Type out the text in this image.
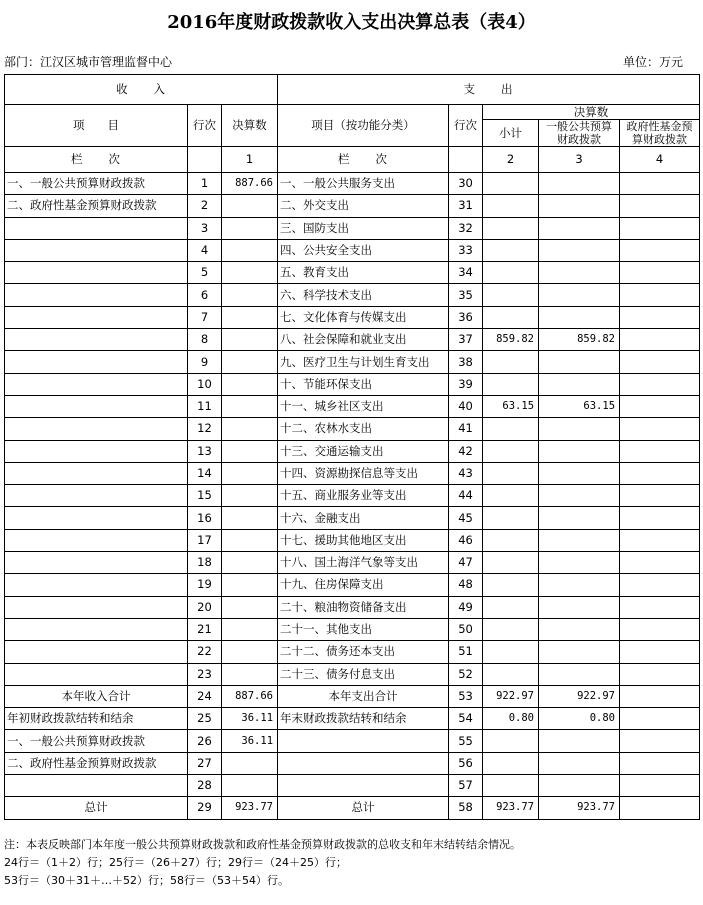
2016年度财政拨款收入支出决算总表（表4）
部门：江汉区城市管理监督中心	单位：万元
收　　入			支　　出				
项　　目	行次	决算数	项目（按功能分类）	行次	决算数		
					小计	一般公共预算财政拨款	政府性基金预算财政拨款
栏　　次		1	栏　　次		2	3	4
一、一般公共预算财政拨款	1	887.66	一、一般公共服务支出	30			
二、政府性基金预算财政拨款	2		二、外交支出	31			
	3		三、国防支出	32			
	4		四、公共安全支出	33			
	5		五、教育支出	34			
	6		六、科学技术支出	35			
	7		七、文化体育与传媒支出	36			
	8		八、社会保障和就业支出	37	859.82	859.82	
	9		九、医疗卫生与计划生育支出	38			
	10		十、节能环保支出	39			
	11		十一、城乡社区支出	40	63.15	63.15	
	12		十二、农林水支出	41			
	13		十三、交通运输支出	42			
	14		十四、资源勘探信息等支出	43			
	15		十五、商业服务业等支出	44			
	16		十六、金融支出	45			
	17		十七、援助其他地区支出	46			
	18		十八、国土海洋气象等支出	47			
	19		十九、住房保障支出	48			
	20		二十、粮油物资储备支出	49			
	21		二十一、其他支出	50			
	22		二十二、债务还本支出	51			
	23		二十三、债务付息支出	52			
本年收入合计	24	887.66	本年支出合计	53	922.97	922.97	
年初财政拨款结转和结余	25	36.11	年末财政拨款结转和结余	54	0.80	0.80	
一、一般公共预算财政拨款	26	36.11		55			
二、政府性基金预算财政拨款	27			56			
	28			57			
总计	29	923.77	总计	58	923.77	923.77	
注：本表反映部门本年度一般公共预算财政拨款和政府性基金预算财政拨款的总收支和年末结转结余情况。
24行＝（1＋2）行；25行＝（26＋27）行；29行＝（24＋25）行；
53行＝（30＋31＋…＋52）行；58行＝（53＋54）行。
